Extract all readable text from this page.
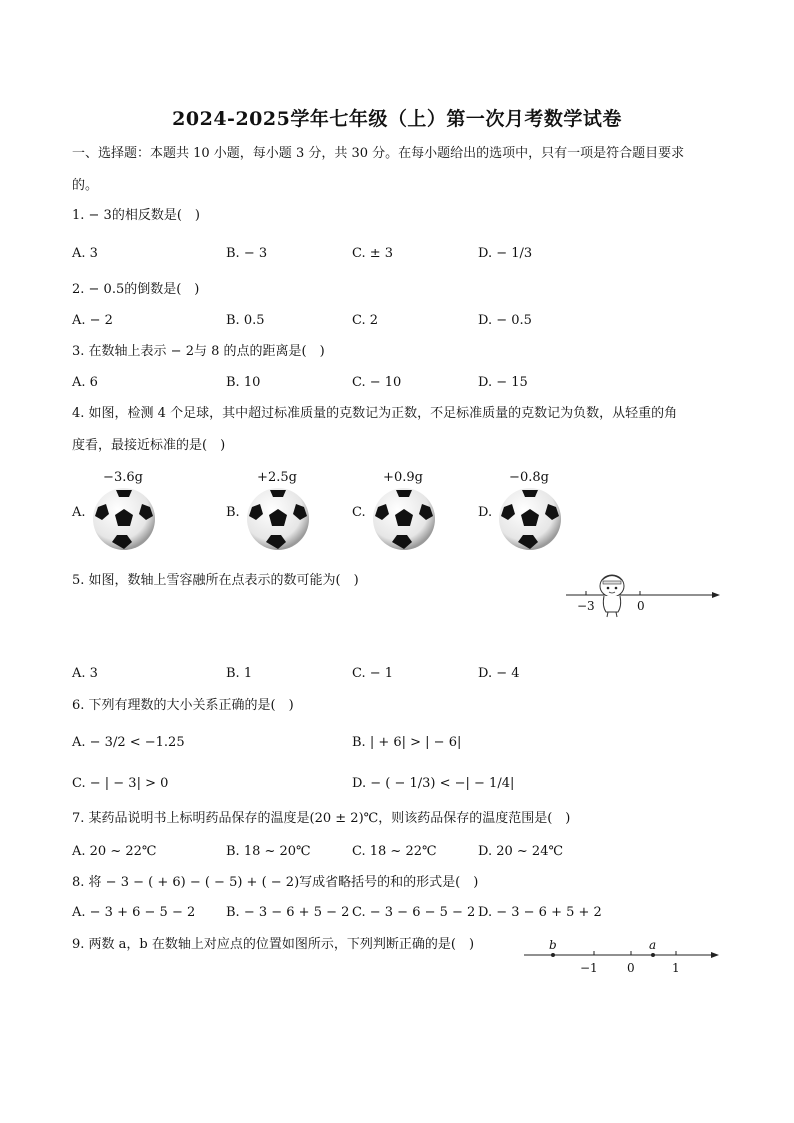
2024-2025学年七年级（上）第一次月考数学试卷
一、选择题：本题共 10 小题，每小题 3 分，共 30 分。在每小题给出的选项中，只有一项是符合题目要求
的。
1. − 3的相反数是(　)
A. 3	B. − 3	C. ± 3	D. − 1/3
2. − 0.5的倒数是(　)
A. − 2	B. 0.5	C. 2	D. − 0.5
3. 在数轴上表示 − 2与 8 的点的距离是(　)
A. 6	B. 10	C. − 10	D. − 15
4. 如图，检测 4 个足球，其中超过标准质量的克数记为正数，不足标准质量的克数记为负数，从轻重的角
度看，最接近标准的是(　)
−3.6g	+2.5g	+0.9g	−0.8g
A.	B.	C.	D.
5. 如图，数轴上雪容融所在点表示的数可能为(　)
−3	0
A. 3	B. 1	C. − 1	D. − 4
6. 下列有理数的大小关系正确的是(　)
A. − 3/2 < −1.25	B. | + 6| > | − 6|
C. − | − 3| > 0	D. − ( − 1/3) < −| − 1/4|
7. 某药品说明书上标明药品保存的温度是(20 ± 2)℃，则该药品保存的温度范围是(　)
A. 20 ~ 22℃	B. 18 ~ 20℃	C. 18 ~ 22℃	D. 20 ~ 24℃
8. 将 − 3 − ( + 6) − ( − 5) + ( − 2)写成省略括号的和的形式是(　)
A. − 3 + 6 − 5 − 2 B. − 3 − 6 + 5 − 2 C. − 3 − 6 − 5 − 2 D. − 3 − 6 + 5 + 2
9. 两数 a，b 在数轴上对应点的位置如图所示，下列判断正确的是(　)	b	a
−1 0	1
